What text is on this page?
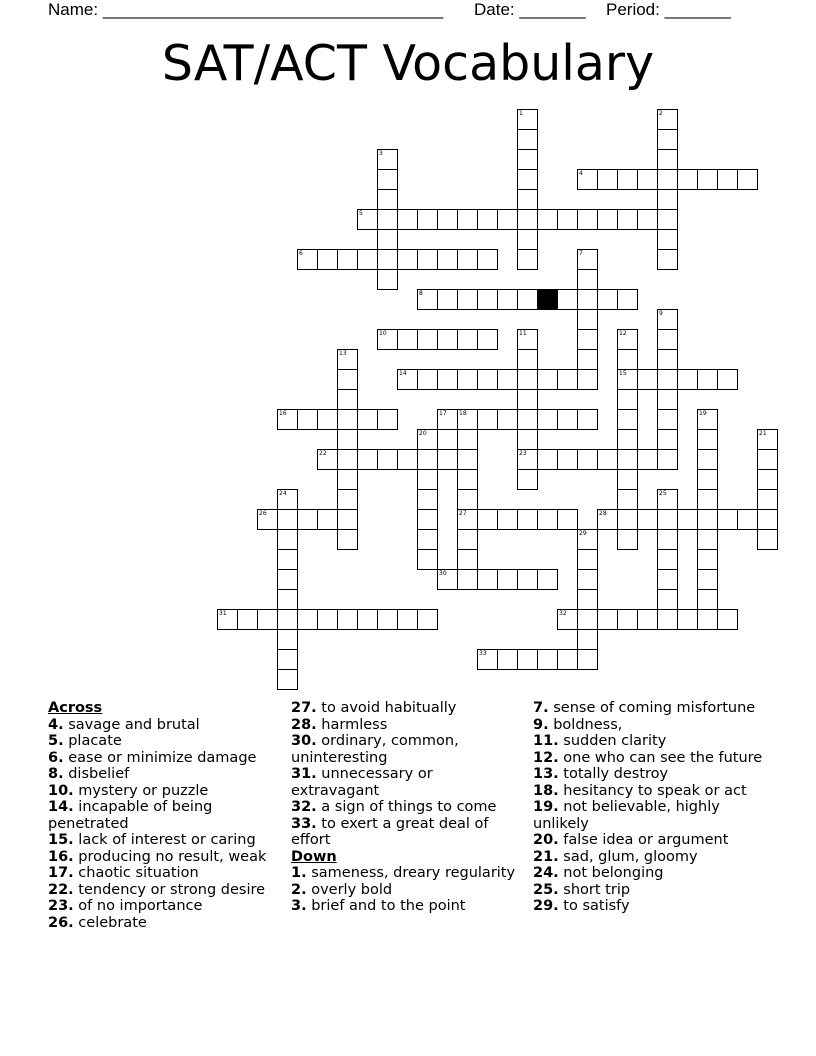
Name: ____________________________________ Date: _______ Period: _______
SAT/ACT Vocabulary
1	2
3
4
5
6	7
8
9
10	11	12
13
14	15
16	17 18	19
20	21
22	23
24	25
26	27	28
29
30
31	32
33
Across
4. savage and brutal
5. placate
6. ease or minimize damage
8. disbelief
10. mystery or puzzle
14. incapable of being penetrated
15. lack of interest or caring
16. producing no result, weak
17. chaotic situation
22. tendency or strong desire
23. of no importance
26. celebrate
27. to avoid habitually
28. harmless
30. ordinary, common, uninteresting
31. unnecessary or extravagant
32. a sign of things to come
33. to exert a great deal of effort
Down
1. sameness, dreary regularity
2. overly bold
3. brief and to the point
7. sense of coming misfortune
9. boldness,
11. sudden clarity
12. one who can see the future
13. totally destroy
18. hesitancy to speak or act
19. not believable, highly unlikely
20. false idea or argument
21. sad, glum, gloomy
24. not belonging
25. short trip
29. to satisfy
